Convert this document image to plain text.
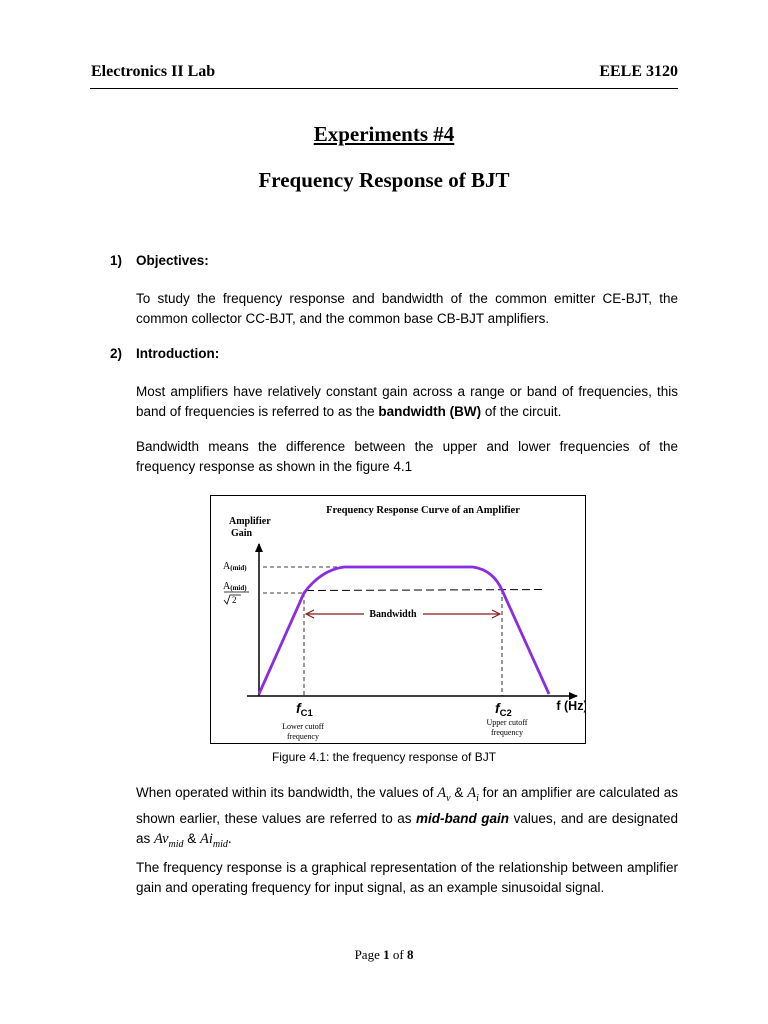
Electronics II Lab	EELE 3120
Experiments #4
Frequency Response of BJT
1) Objectives:
To study the frequency response and bandwidth of the common emitter CE-BJT, the common collector CC-BJT, and the common base CB-BJT amplifiers.
2) Introduction:
Most amplifiers have relatively constant gain across a range or band of frequencies, this band of frequencies is referred to as the bandwidth (BW) of the circuit.
Bandwidth means the difference between the upper and lower frequencies of the frequency response as shown in the figure 4.1
Frequency Response Curve of an Amplifier
Amplifier
Gain
A(mid)
A(mid)
2
Bandwidth
$f_{C1}$	$f_{C2}$
f (Hz)
Lower cutoff
frequency
Upper cutoff
frequency
Figure 4.1: the frequency response of BJT
When operated within its bandwidth, the values of $A_v$ & $A_i$ for an amplifier are calculated as shown earlier, these values are referred to as mid-band gain values, and are designated as $Av_{mid}$ & $Ai_{mid}$.
The frequency response is a graphical representation of the relationship between amplifier gain and operating frequency for input signal, as an example sinusoidal signal.
Page 1 of 8
